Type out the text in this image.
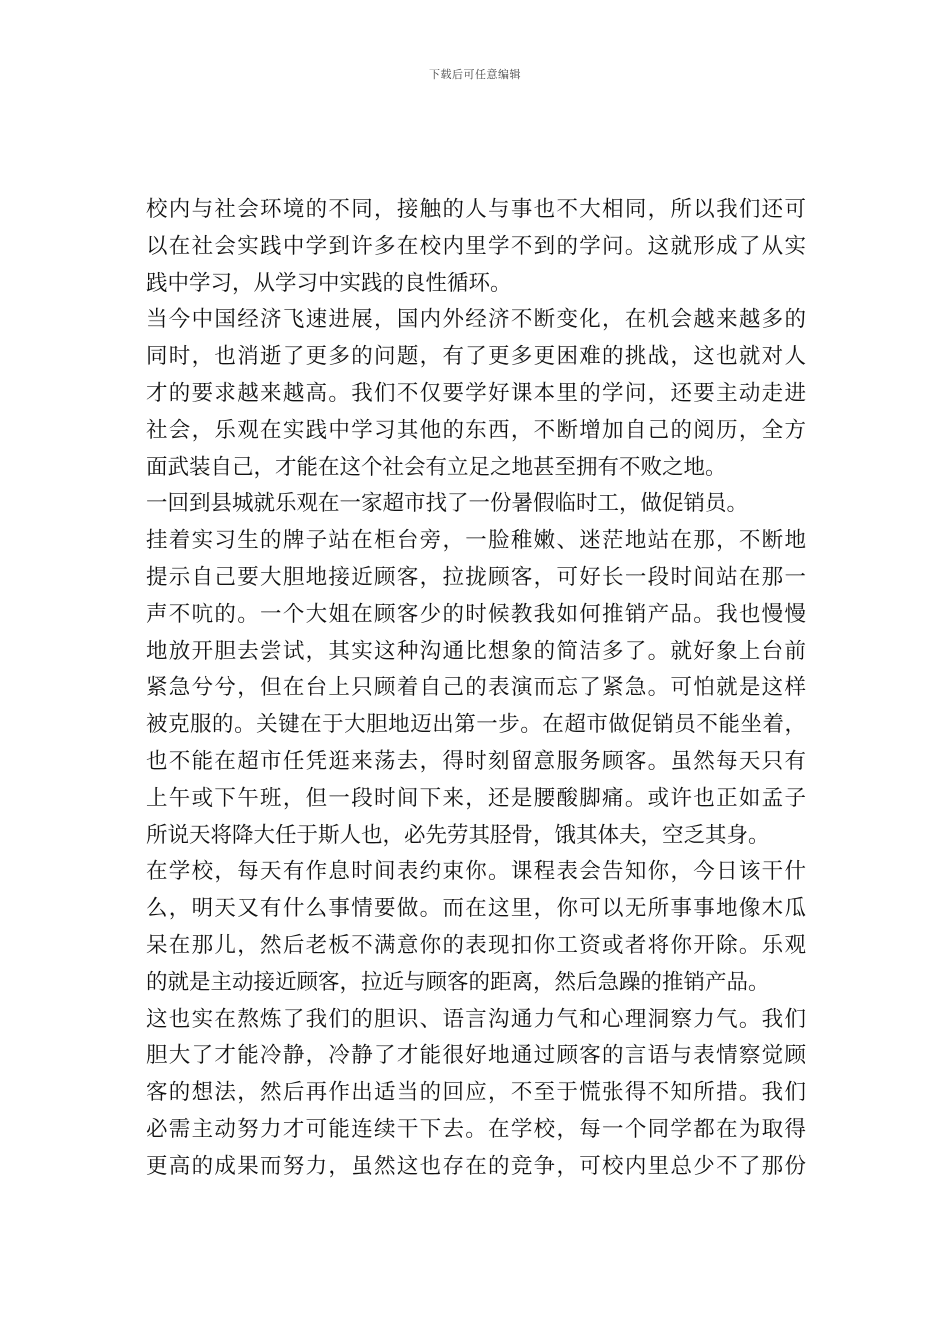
下载后可任意编辑
校内与社会环境的不同，接触的人与事也不大相同，所以我们还可
以在社会实践中学到许多在校内里学不到的学问。这就形成了从实
践中学习，从学习中实践的良性循环。
当今中国经济飞速进展，国内外经济不断变化，在机会越来越多的
同时，也消逝了更多的问题，有了更多更困难的挑战，这也就对人
才的要求越来越高。我们不仅要学好课本里的学问，还要主动走进
社会，乐观在实践中学习其他的东西，不断增加自己的阅历，全方
面武装自己，才能在这个社会有立足之地甚至拥有不败之地。
一回到县城就乐观在一家超市找了一份暑假临时工，做促销员。
挂着实习生的牌子站在柜台旁，一脸稚嫩、迷茫地站在那，不断地
提示自己要大胆地接近顾客，拉拢顾客，可好长一段时间站在那一
声不吭的。一个大姐在顾客少的时候教我如何推销产品。我也慢慢
地放开胆去尝试，其实这种沟通比想象的简洁多了。就好象上台前
紧急兮兮，但在台上只顾着自己的表演而忘了紧急。可怕就是这样
被克服的。关键在于大胆地迈出第一步。在超市做促销员不能坐着，
也不能在超市任凭逛来荡去，得时刻留意服务顾客。虽然每天只有
上午或下午班，但一段时间下来，还是腰酸脚痛。或许也正如孟子
所说天将降大任于斯人也，必先劳其胫骨，饿其体夫，空乏其身。
在学校，每天有作息时间表约束你。课程表会告知你，今日该干什
么，明天又有什么事情要做。而在这里，你可以无所事事地像木瓜
呆在那儿，然后老板不满意你的表现扣你工资或者将你开除。乐观
的就是主动接近顾客，拉近与顾客的距离，然后急躁的推销产品。
这也实在熬炼了我们的胆识、语言沟通力气和心理洞察力气。我们
胆大了才能冷静，冷静了才能很好地通过顾客的言语与表情察觉顾
客的想法，然后再作出适当的回应，不至于慌张得不知所措。我们
必需主动努力才可能连续干下去。在学校，每一个同学都在为取得
更高的成果而努力，虽然这也存在的竞争，可校内里总少不了那份
